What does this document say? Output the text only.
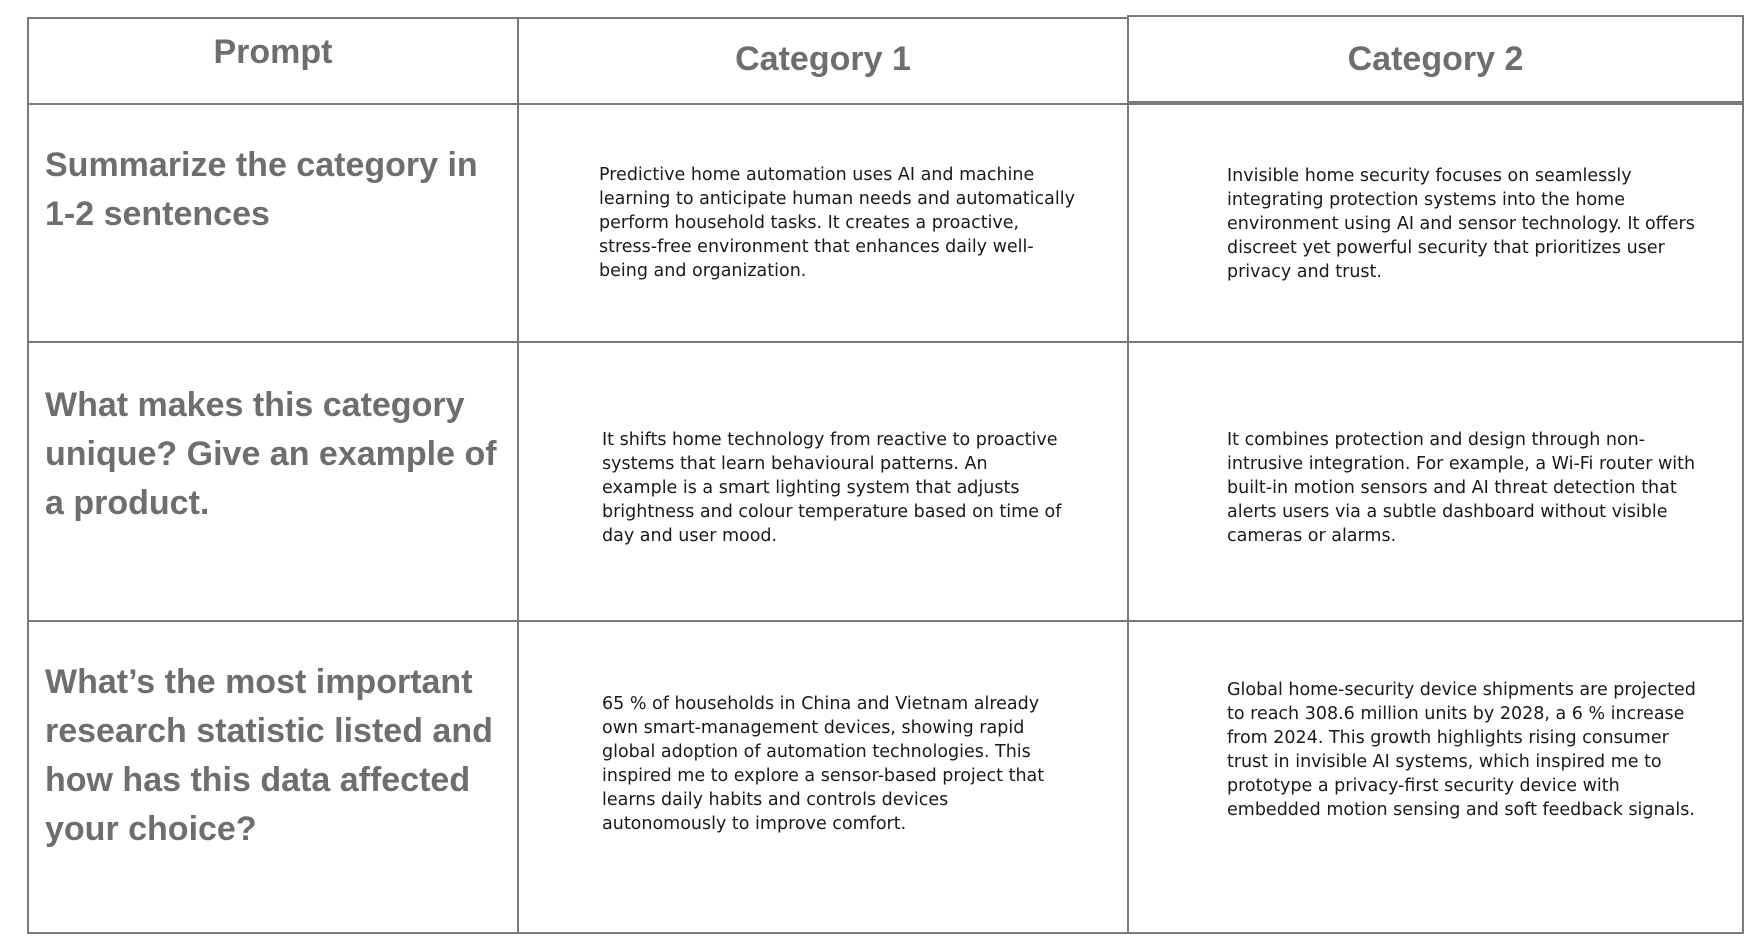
Prompt	Category 1	Category 2
Summarize the category in 1-2 sentences
Predictive home automation uses AI and machine learning to anticipate human needs and automatically perform household tasks. It creates a proactive, stress-free environment that enhances daily well-being and organization.
Invisible home security focuses on seamlessly integrating protection systems into the home environment using AI and sensor technology. It offers discreet yet powerful security that prioritizes user privacy and trust.
What makes this category unique? Give an example of a product.
It shifts home technology from reactive to proactive systems that learn behavioural patterns. An example is a smart lighting system that adjusts brightness and colour temperature based on time of day and user mood.
It combines protection and design through non-intrusive integration. For example, a Wi-Fi router with built-in motion sensors and AI threat detection that alerts users via a subtle dashboard without visible cameras or alarms.
What’s the most important research statistic listed and how has this data affected your choice?
65 % of households in China and Vietnam already own smart-management devices, showing rapid global adoption of automation technologies. This inspired me to explore a sensor-based project that learns daily habits and controls devices autonomously to improve comfort.
Global home-security device shipments are projected to reach 308.6 million units by 2028, a 6 % increase from 2024. This growth highlights rising consumer trust in invisible AI systems, which inspired me to prototype a privacy-first security device with embedded motion sensing and soft feedback signals.
